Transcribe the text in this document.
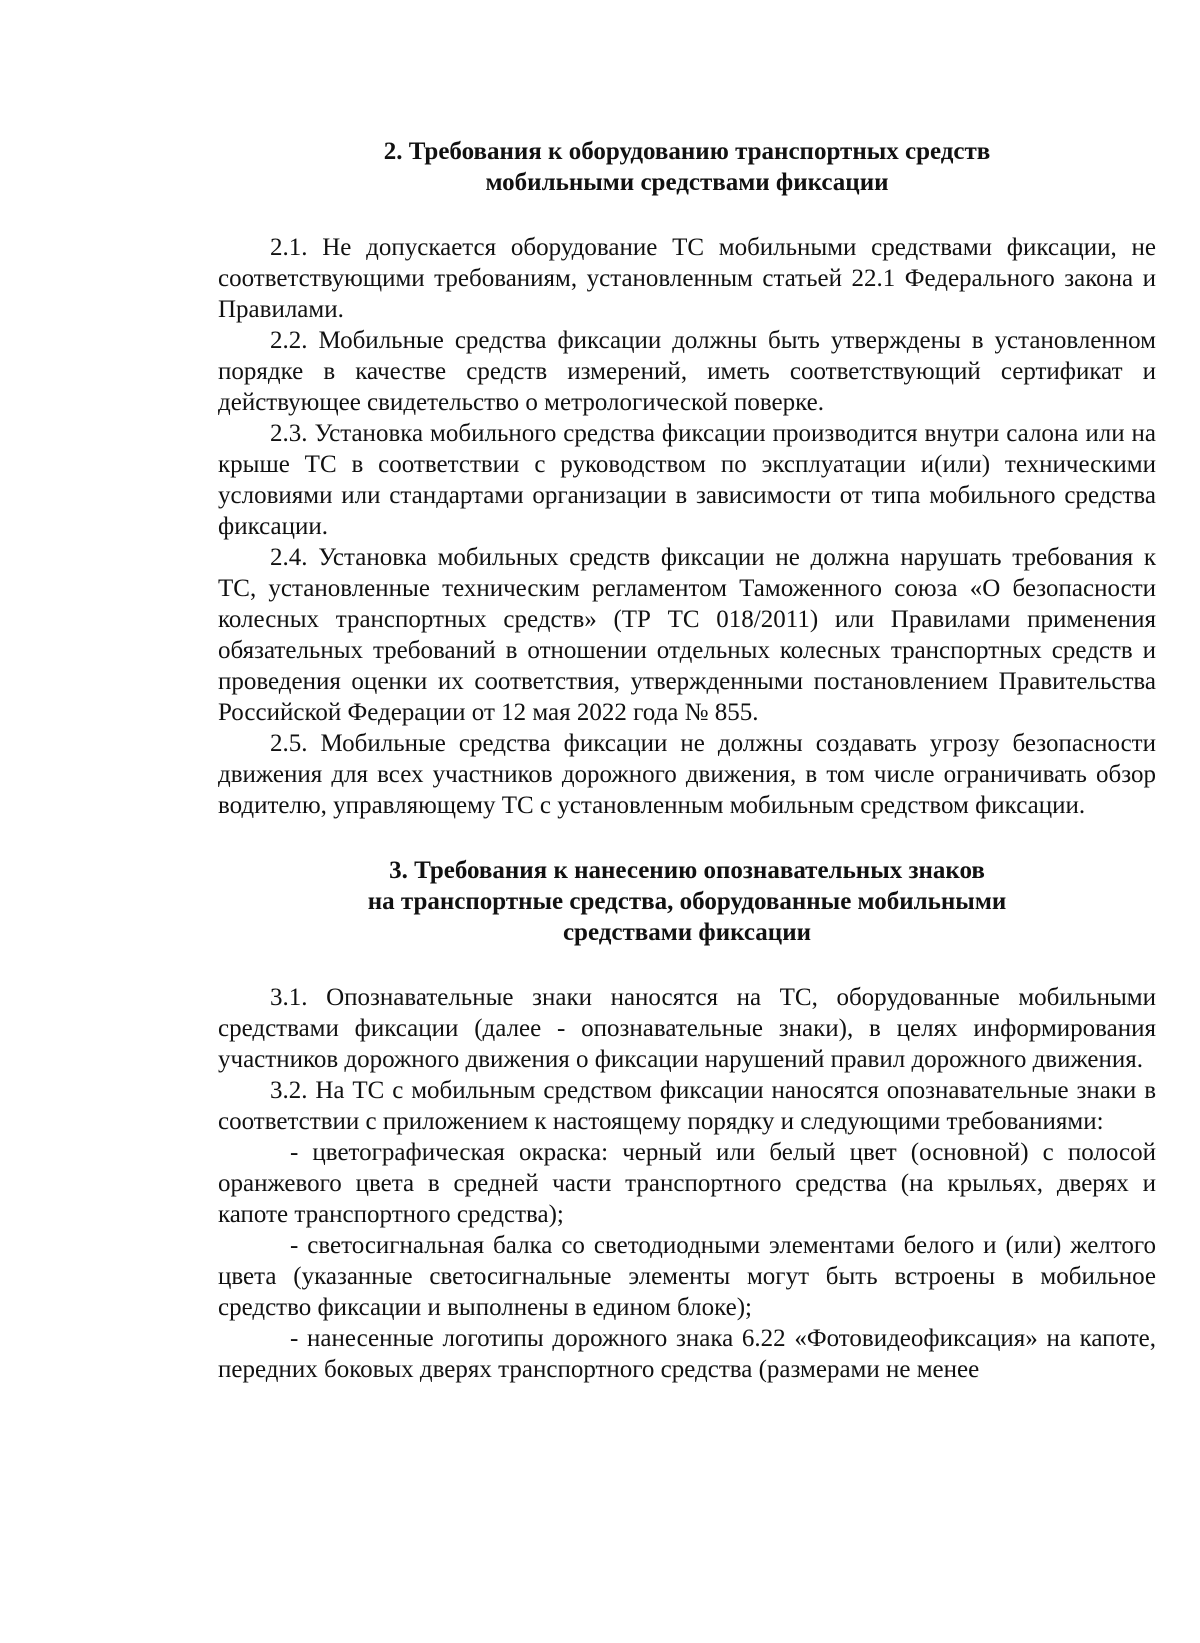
2. Требования к оборудованию транспортных средств
мобильными средствами фиксации

2.1. Не допускается оборудование ТС мобильными средствами фиксации, не соответствующими требованиям, установленным статьей 22.1 Федерального закона и Правилами.

2.2. Мобильные средства фиксации должны быть утверждены в установленном порядке в качестве средств измерений, иметь соответствующий сертификат и действующее свидетельство о метрологической поверке.

2.3. Установка мобильного средства фиксации производится внутри салона или на крыше ТС в соответствии с руководством по эксплуатации и(или) техническими условиями или стандартами организации в зависимости от типа мобильного средства фиксации.

2.4. Установка мобильных средств фиксации не должна нарушать требования к ТС, установленные техническим регламентом Таможенного союза «О безопасности колесных транспортных средств» (ТР ТС 018/2011) или Правилами применения обязательных требований в отношении отдельных колесных транспортных средств и проведения оценки их соответствия, утвержденными постановлением Правительства Российской Федерации от 12 мая 2022 года № 855.

2.5. Мобильные средства фиксации не должны создавать угрозу безопасности движения для всех участников дорожного движения, в том числе ограничивать обзор водителю, управляющему ТС с установленным мобильным средством фиксации.

3. Требования к нанесению опознавательных знаков
на транспортные средства, оборудованные мобильными
средствами фиксации

3.1. Опознавательные знаки наносятся на ТС, оборудованные мобильными средствами фиксации (далее - опознавательные знаки), в целях информирования участников дорожного движения о фиксации нарушений правил дорожного движения.

3.2. На ТС с мобильным средством фиксации наносятся опознавательные знаки в соответствии с приложением к настоящему порядку и следующими требованиями:

- цветографическая окраска: черный или белый цвет (основной) с полосой оранжевого цвета в средней части транспортного средства (на крыльях, дверях и капоте транспортного средства);

- светосигнальная балка со светодиодными элементами белого и (или) желтого цвета (указанные светосигнальные элементы могут быть встроены в мобильное средство фиксации и выполнены в едином блоке);

- нанесенные логотипы дорожного знака 6.22 «Фотовидеофиксация» на капоте, передних боковых дверях транспортного средства (размерами не менее
